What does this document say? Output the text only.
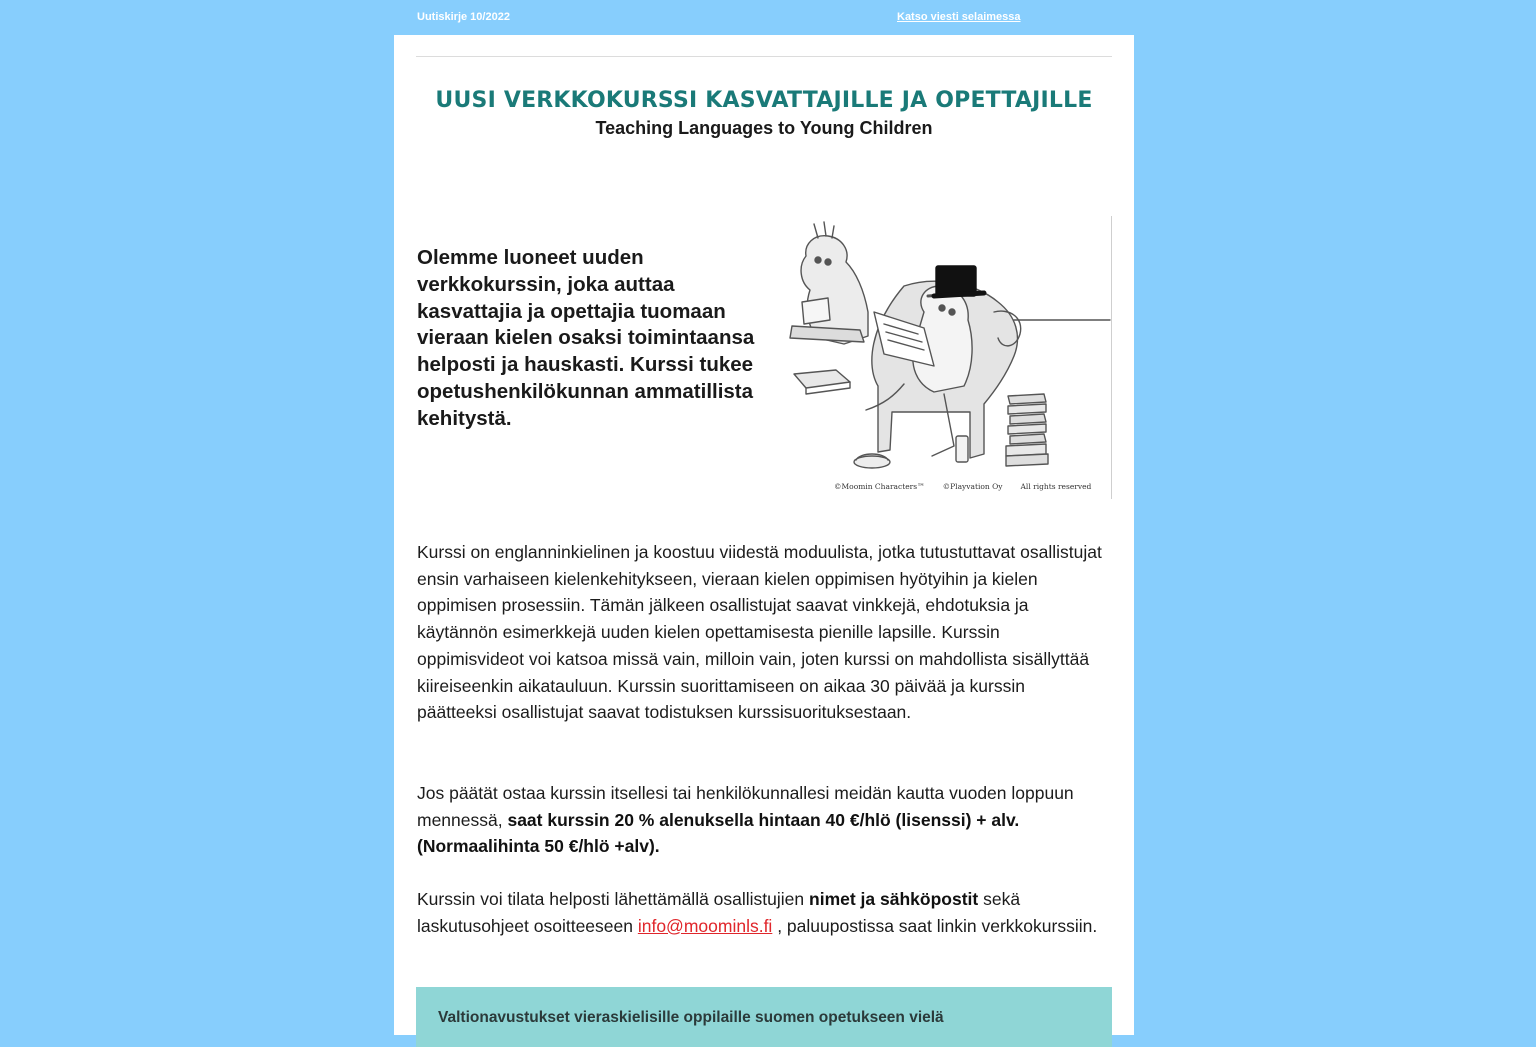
Uutiskirje 10/2022	Katso viesti selaimessa
UUSI VERKKOKURSSI KASVATTAJILLE JA OPETTAJILLE
Teaching Languages to Young Children

Olemme luoneet uuden verkkokurssin, joka auttaa kasvattajia ja opettajia tuomaan vieraan kielen osaksi toimintaansa helposti ja hauskasti. Kurssi tukee opetushenkilökunnan ammatillista kehitystä.

©Moomin Characters™ ©Playvation Oy All rights reserved

Kurssi on englanninkielinen ja koostuu viidestä moduulista, jotka tutustuttavat osallistujat ensin varhaiseen kielenkehitykseen, vieraan kielen oppimisen hyötyihin ja kielen oppimisen prosessiin. Tämän jälkeen osallistujat saavat vinkkejä, ehdotuksia ja käytännön esimerkkejä uuden kielen opettamisesta pienille lapsille. Kurssin oppimisvideot voi katsoa missä vain, milloin vain, joten kurssi on mahdollista sisällyttää kiireiseenkin aikatauluun. Kurssin suorittamiseen on aikaa 30 päivää ja kurssin päätteeksi osallistujat saavat todistuksen kurssisuorituksestaan.

Jos päätät ostaa kurssin itsellesi tai henkilökunnallesi meidän kautta vuoden loppuun mennessä, saat kurssin 20 % alenuksella hintaan 40 €/hlö (lisenssi) + alv. (Normaalihinta 50 €/hlö +alv).

Kurssin voi tilata helposti lähettämällä osallistujien nimet ja sähköpostit sekä laskutusohjeet osoitteeseen info@moominls.fi , paluupostissa saat linkin verkkokurssiin.

Valtionavustukset vieraskielisille oppilaille suomen opetukseen vielä
